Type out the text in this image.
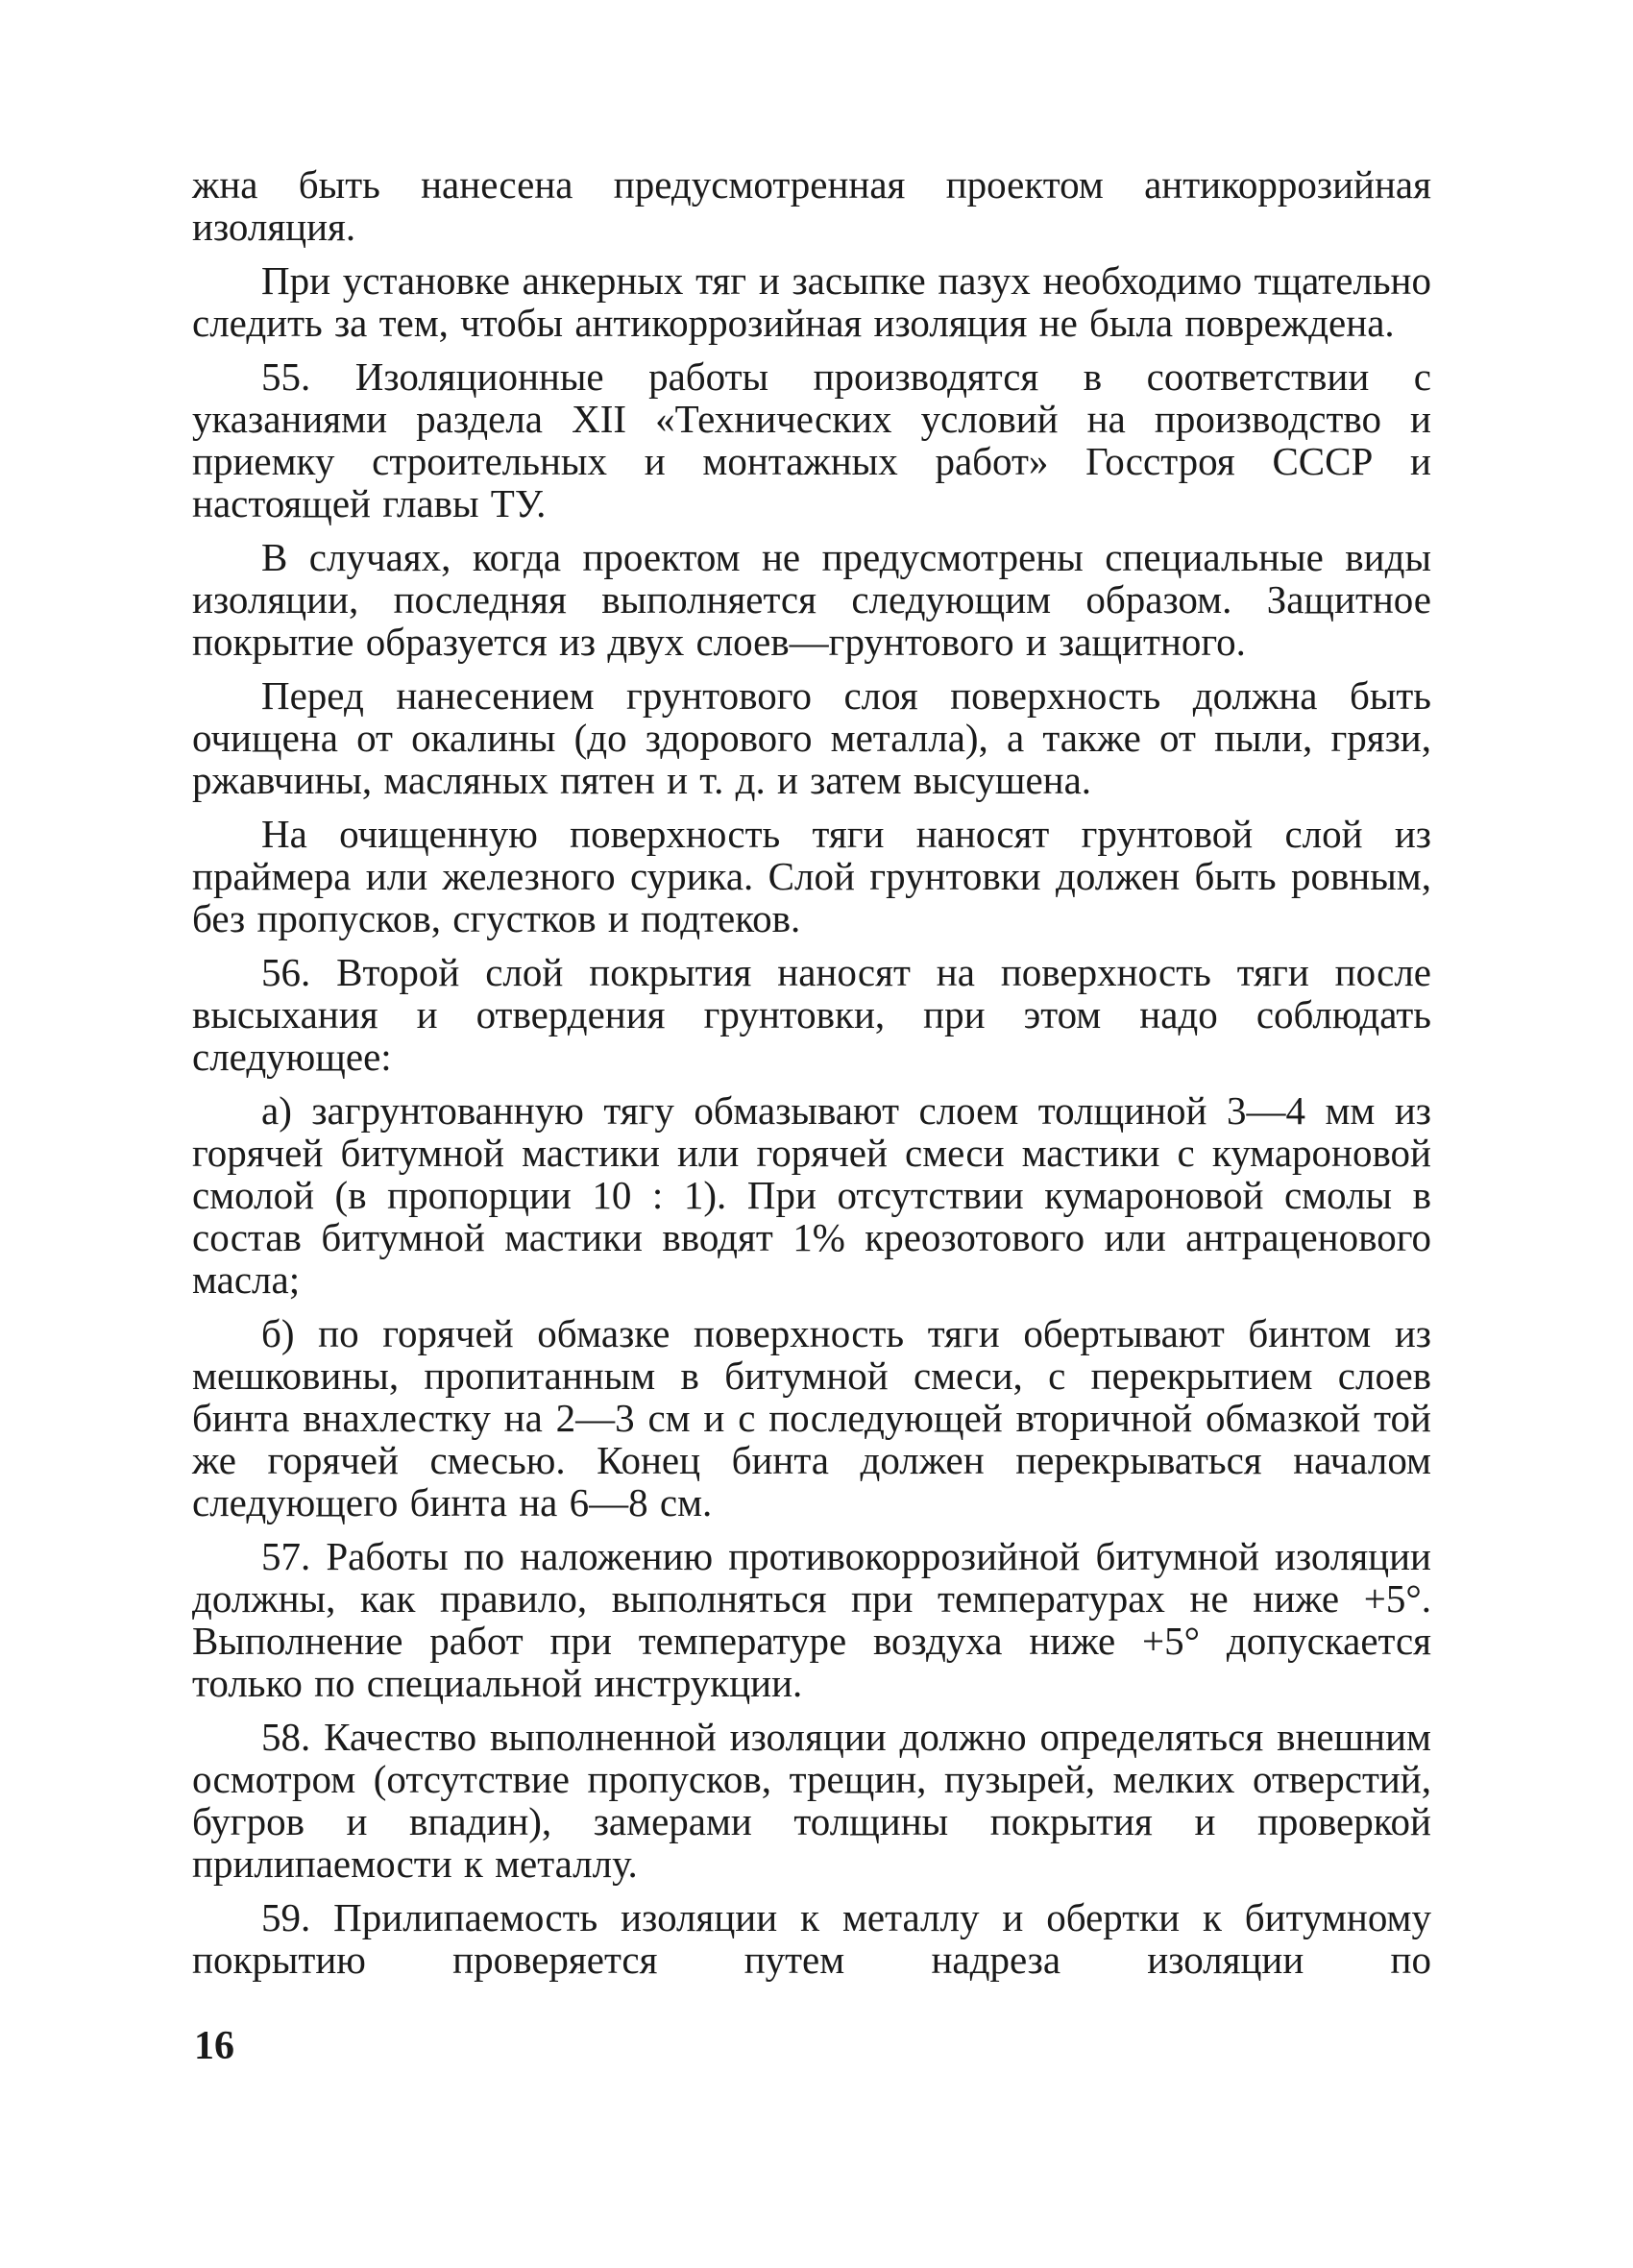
жна быть нанесена предусмотренная проектом антикоррозийная изоляция.

При установке анкерных тяг и засыпке пазух необходимо тщательно следить за тем, чтобы антикоррозийная изоляция не была повреждена.

55. Изоляционные работы производятся в соответствии с указаниями раздела XII «Технических условий на производство и приемку строительных и монтажных работ» Госстроя СССР и настоящей главы ТУ.

В случаях, когда проектом не предусмотрены специальные виды изоляции, последняя выполняется следующим образом. Защитное покрытие образуется из двух слоев—грунтового и защитного.

Перед нанесением грунтового слоя поверхность должна быть очищена от окалины (до здорового металла), а также от пыли, грязи, ржавчины, масляных пятен и т. д. и затем высушена.

На очищенную поверхность тяги наносят грунтовой слой из праймера или железного сурика. Слой грунтовки должен быть ровным, без пропусков, сгустков и подтеков.

56. Второй слой покрытия наносят на поверхность тяги после высыхания и отвердения грунтовки, при этом надо соблюдать следующее:

а) загрунтованную тягу обмазывают слоем толщиной 3—4 мм из горячей битумной мастики или горячей смеси мастики с кумароновой смолой (в пропорции 10 : 1). При отсутствии кумароновой смолы в состав битумной мастики вводят 1% креозотового или антраценового масла;

б) по горячей обмазке поверхность тяги обертывают бинтом из мешковины, пропитанным в битумной смеси, с перекрытием слоев бинта внахлестку на 2—3 см и с последующей вторичной обмазкой той же горячей смесью. Конец бинта должен перекрываться началом следующего бинта на 6—8 см.

57. Работы по наложению противокоррозийной битумной изоляции должны, как правило, выполняться при температурах не ниже +5°. Выполнение работ при температуре воздуха ниже +5° допускается только по специальной инструкции.

58. Качество выполненной изоляции должно определяться внешним осмотром (отсутствие пропусков, трещин, пузырей, мелких отверстий, бугров и впадин), замерами толщины покрытия и проверкой прилипаемости к металлу.

59. Прилипаемость изоляции к металлу и обертки к битумному покрытию проверяется путем надреза изоляции по

16
